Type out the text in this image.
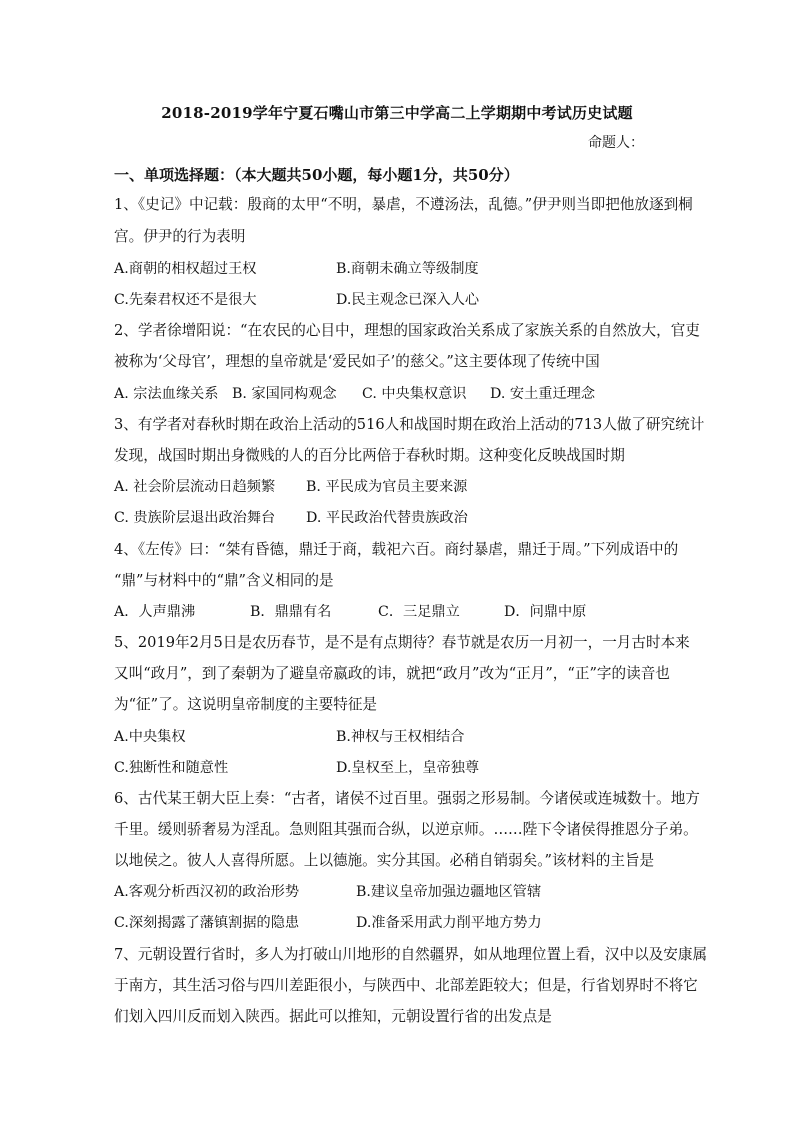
2018-2019学年宁夏石嘴山市第三中学高二上学期期中考试历史试题
命题人：
一、单项选择题：（本大题共50小题，每小题1分，共50分）
1、《史记》中记载：殷商的太甲“不明，暴虐，不遵汤法，乱德。”伊尹则当即把他放逐到桐
宫。伊尹的行为表明
A.商朝的相权超过王权	B.商朝未确立等级制度
C.先秦君权还不是很大	D.民主观念已深入人心
2、学者徐增阳说：“在农民的心目中，理想的国家政治关系成了家族关系的自然放大，官吏
被称为‘父母官’，理想的皇帝就是‘爱民如子’的慈父。”这主要体现了传统中国
A. 宗法血缘关系 B. 家国同构观念 C. 中央集权意识 D. 安土重迁理念
3、有学者对春秋时期在政治上活动的516人和战国时期在政治上活动的713人做了研究统计
发现，战国时期出身微贱的人的百分比两倍于春秋时期。这种变化反映战国时期
A. 社会阶层流动日趋频繁 B. 平民成为官员主要来源
C. 贵族阶层退出政治舞台 D. 平民政治代替贵族政治
4、《左传》曰：“桀有昏德，鼎迁于商，载祀六百。商纣暴虐，鼎迁于周。”下列成语中的
“鼎”与材料中的“鼎”含义相同的是
A．人声鼎沸	B．鼎鼎有名	C．三足鼎立	D．问鼎中原
5、2019年2月5日是农历春节，是不是有点期待？春节就是农历一月初一，一月古时本来
又叫“政月”，到了秦朝为了避皇帝嬴政的讳，就把“政月”改为“正月”，“正”字的读音也
为“征”了。这说明皇帝制度的主要特征是
A.中央集权	B.神权与王权相结合
C.独断性和随意性	D.皇权至上，皇帝独尊
6、古代某王朝大臣上奏：“古者，诸侯不过百里。强弱之形易制。今诸侯或连城数十。地方
千里。缓则骄奢易为淫乱。急则阻其强而合纵，以逆京师。……陛下令诸侯得推恩分子弟。
以地侯之。彼人人喜得所愿。上以德施。实分其国。必稍自销弱矣。”该材料的主旨是
A.客观分析西汉初的政治形势	B.建议皇帝加强边疆地区管辖
C.深刻揭露了藩镇割据的隐患	D.准备采用武力削平地方势力
7、元朝设置行省时，多人为打破山川地形的自然疆界，如从地理位置上看，汉中以及安康属
于南方，其生活习俗与四川差距很小，与陕西中、北部差距较大；但是，行省划界时不将它
们划入四川反而划入陕西。据此可以推知，元朝设置行省的出发点是
